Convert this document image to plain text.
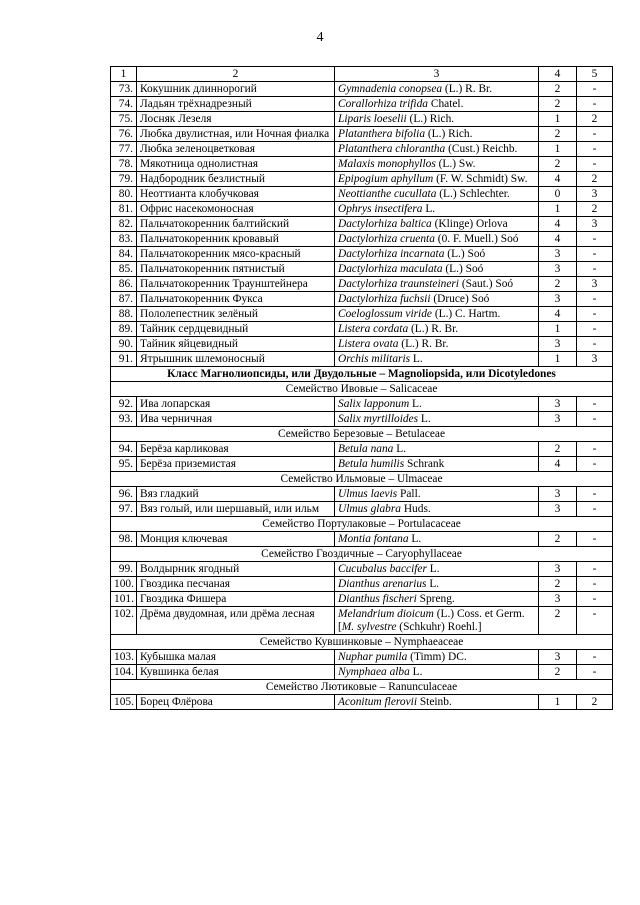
4
1	2	3	4	5
73.	Кокушник длиннорогий	Gymnadenia conopsea (L.) R. Br.	2	-
74.	Ладьян трёхнадрезный	Corallorhiza trifida Chatel.	2	-
75.	Лосняк Лезеля	Liparis loeselii (L.) Rich.	1	2
76.	Любка двулистная, или Ночная фиалка	Platanthera bifolia (L.) Rich.	2	-
77.	Любка зеленоцветковая	Platanthera chlorantha (Cust.) Reichb.	1	-
78.	Мякотница однолистная	Malaxis monophyllos (L.) Sw.	2	-
79.	Надбородник безлистный	Epipogium aphyllum (F. W. Schmidt) Sw.	4	2
80.	Неоттианта клобучковая	Neottianthe cucullata (L.) Schlechter.	0	3
81.	Офрис насекомоносная	Ophrys insectifera L.	1	2
82.	Пальчатокоренник балтийский	Dactylorhiza baltica (Klinge) Orlova	4	3
83.	Пальчатокоренник кровавый	Dactylorhiza cruenta (0. F. Muell.) Soó	4	-
84.	Пальчатокоренник мясо-красный	Dactylorhiza incarnata (L.) Soó	3	-
85.	Пальчатокоренник пятнистый	Dactylorhiza maculata (L.) Soó	3	-
86.	Пальчатокоренник Траунштейнера	Dactylorhiza traunsteineri (Saut.) Soó	2	3
87.	Пальчатокоренник Фукса	Dactylorhiza fuchsii (Druce) Soó	3	-
88.	Пололепестник зелёный	Coeloglossum viride (L.) C. Hartm.	4	-
89.	Тайник сердцевидный	Listera cordata (L.) R. Br.	1	-
90.	Тайник яйцевидный	Listera ovata (L.) R. Br.	3	-
91.	Ятрышник шлемоносный	Orchis militaris L.	1	3
Класс Магнолиопсиды, или Двудольные – Magnoliopsida, или Dicotyledones				
Семейство Ивовые – Salicaceae				
92.	Ива лопарская	Salix lapponum L.	3	-
93.	Ива черничная	Salix myrtilloides L.	3	-
Семейство Березовые – Betulaceae				
94.	Берёза карликовая	Betula nana L.	2	-
95.	Берёза приземистая	Betula humilis Schrank	4	-
Семейство Ильмовые – Ulmaceae				
96.	Вяз гладкий	Ulmus laevis Pall.	3	-
97.	Вяз голый, или шершавый, или ильм	Ulmus glabra Huds.	3	-
Семейство Портулаковые – Portulacaceae				
98.	Монция ключевая	Montia fontana L.	2	-
Семейство Гвоздичные – Caryophyllaceae				
99.	Волдырник ягодный	Cucubalus baccifer L.	3	-
100.	Гвоздика песчаная	Dianthus arenarius L.	2	-
101.	Гвоздика Фишера	Dianthus fischeri Spreng.	3	-
102.	Дрёма двудомная, или дрёма лесная	Melandrium dioicum (L.) Coss. et Germ. [M. sylvestre (Schkuhr) Roehl.]	2	-
Семейство Кувшинковые – Nymphaeaceae				
103.	Кубышка малая	Nuphar pumila (Timm) DC.	3	-
104.	Кувшинка белая	Nymphaea alba L.	2	-
Семейство Лютиковые – Ranunculaceae				
105.	Борец Флёрова	Aconitum flerovii Steinb.	1	2
